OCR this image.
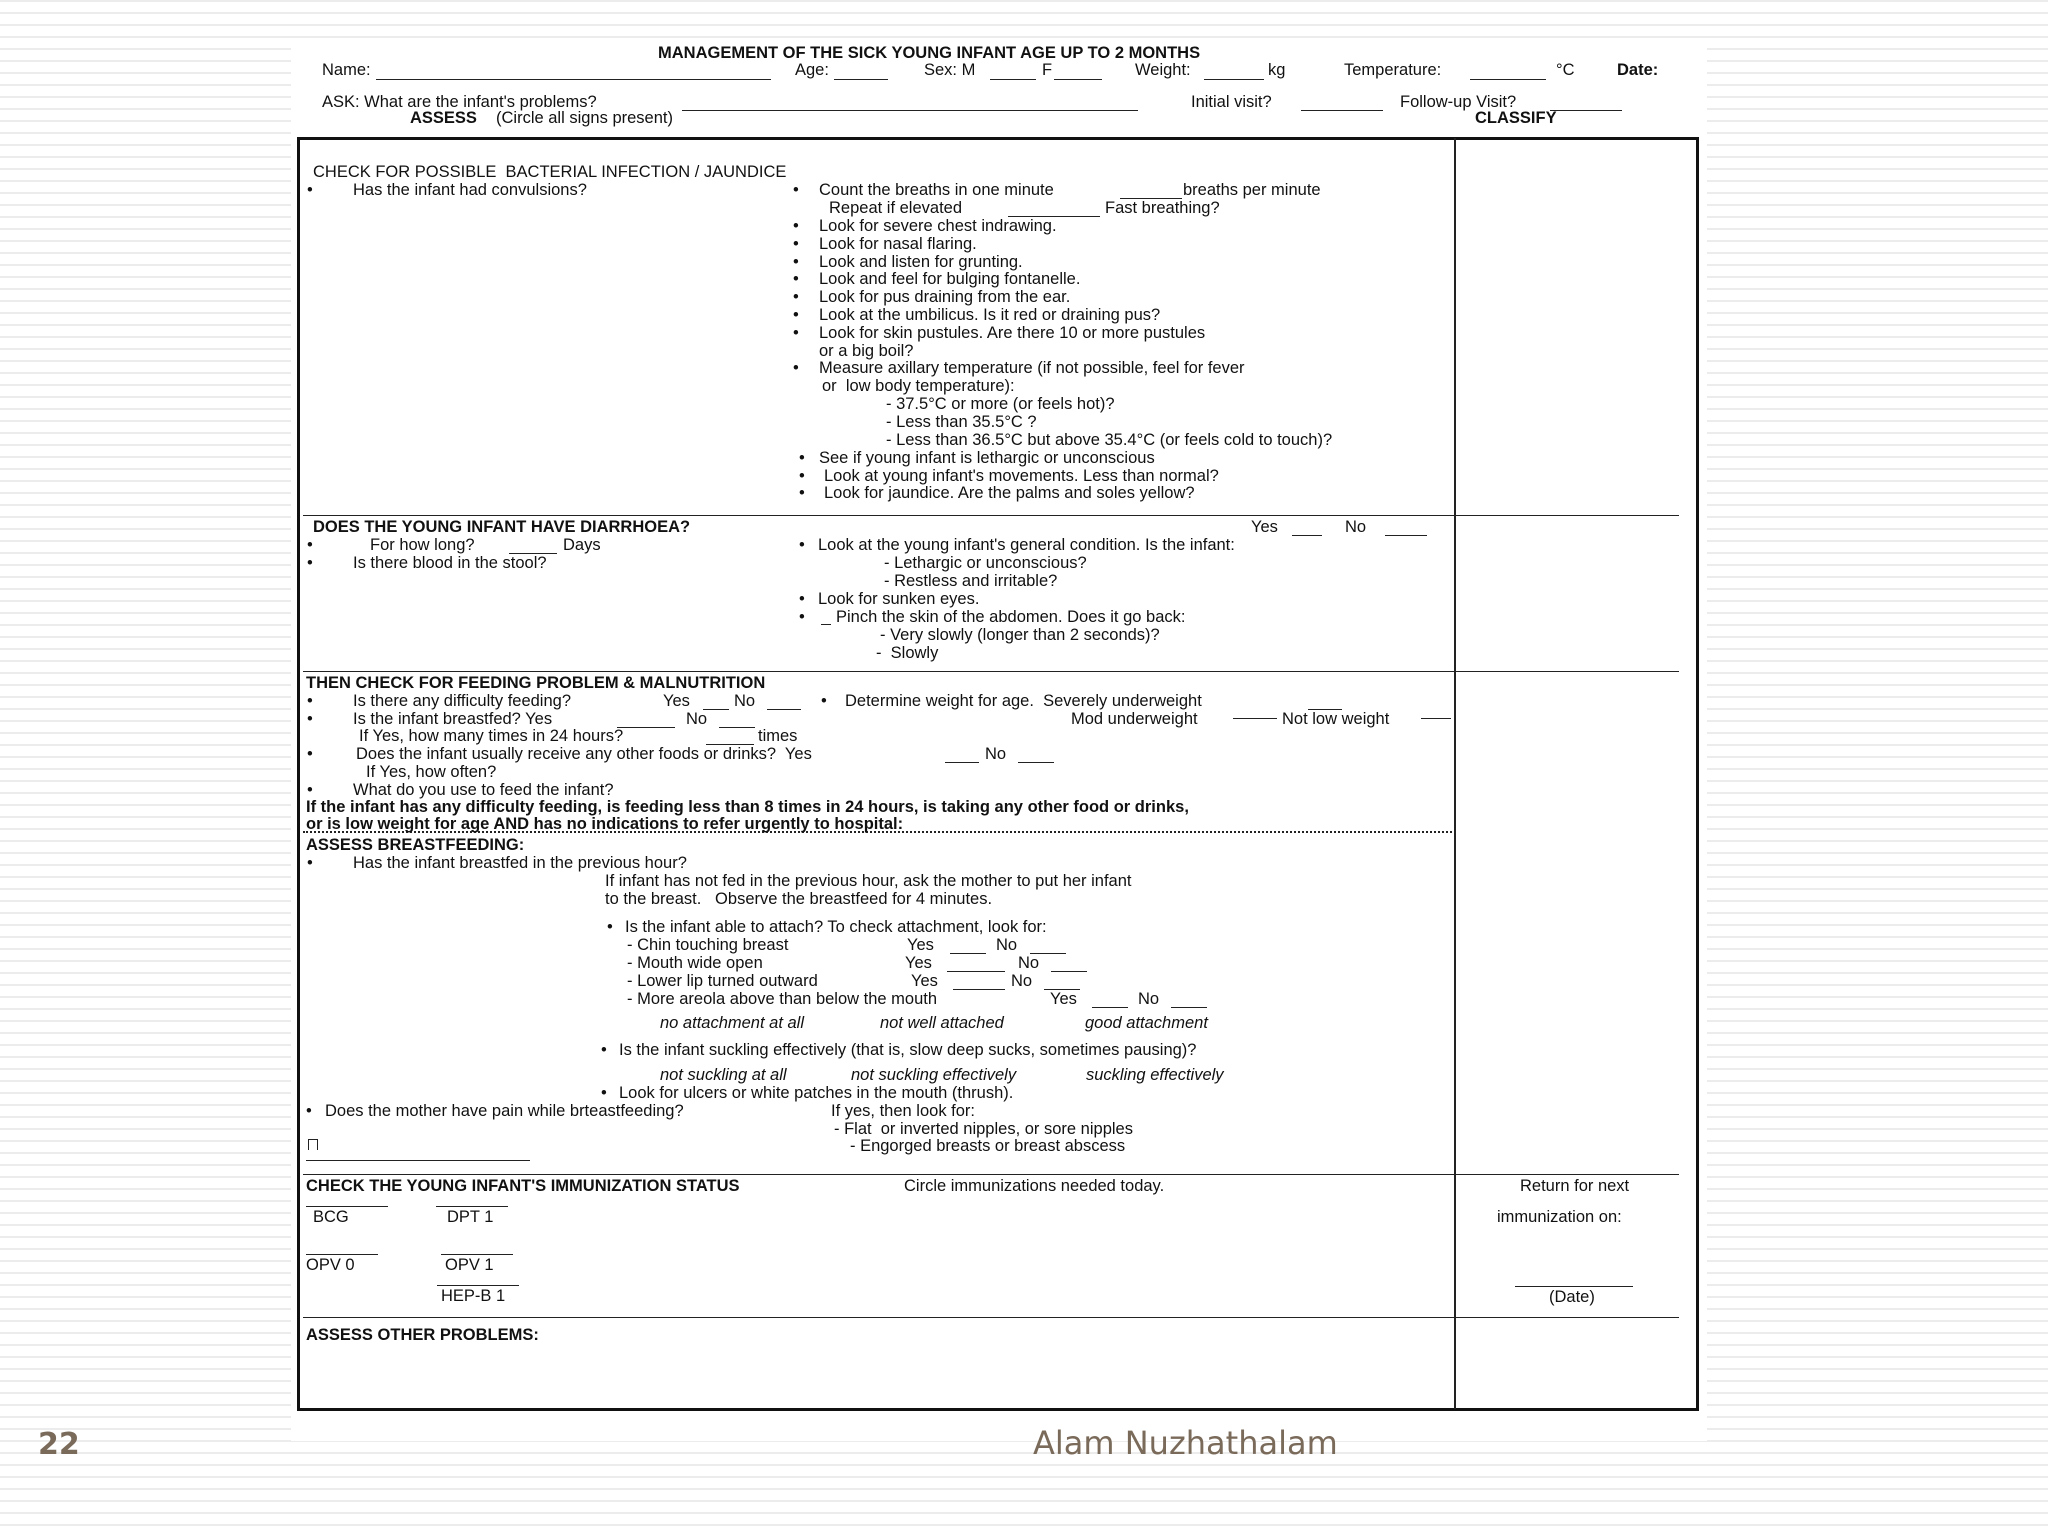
MANAGEMENT OF THE SICK YOUNG INFANT AGE UP TO 2 MONTHS
Name:	Age:	Sex: M	F	Weight:	kg	Temperature:	°C	Date:
ASK: What are the infant's problems?	Initial visit?	Follow-up Visit?
ASSESS (Circle all signs present)	CLASSIFY
CHECK FOR POSSIBLE  BACTERIAL INFECTION / JAUNDICE
• Has the infant had convulsions?	• Count the breaths in one minute	breaths per minute
Repeat if elevated	Fast breathing?
• Look for severe chest indrawing.
• Look for nasal flaring.
• Look and listen for grunting.
• Look and feel for bulging fontanelle.
• Look for pus draining from the ear.
• Look at the umbilicus. Is it red or draining pus?
• Look for skin pustules. Are there 10 or more pustules
or a big boil?
• Measure axillary temperature (if not possible, feel for fever
or  low body temperature):
- 37.5°C or more (or feels hot)?
- Less than 35.5°C ?
- Less than 36.5°C but above 35.4°C (or feels cold to touch)?
• See if young infant is lethargic or unconscious
• Look at young infant's movements. Less than normal?
• Look for jaundice. Are the palms and soles yellow?
DOES THE YOUNG INFANT HAVE DIARRHOEA?	Yes	No
•	For how long?	Days
• Is there blood in the stool?
• Look at the young infant's general condition. Is the infant:
- Lethargic or unconscious?
- Restless and irritable?
• Look for sunken eyes.
• Pinch the skin of the abdomen. Does it go back:
- Very slowly (longer than 2 seconds)?
-  Slowly
THEN CHECK FOR FEEDING PROBLEM & MALNUTRITION
• Is there any difficulty feeding?	Yes	No	• Determine weight for age.  Severely underweight
• Is the infant breastfed? Yes	No	Mod underweight	Not low weight
If Yes, how many times in 24 hours?	times
•	Does the infant usually receive any other foods or drinks?  Yes	No
If Yes, how often?
• What do you use to feed the infant?
If the infant has any difficulty feeding, is feeding less than 8 times in 24 hours, is taking any other food or drinks,
or is low weight for age AND has no indications to refer urgently to hospital:
ASSESS BREASTFEEDING:
• Has the infant breastfed in the previous hour?
If infant has not fed in the previous hour, ask the mother to put her infant
to the breast.   Observe the breastfeed for 4 minutes.
• Is the infant able to attach? To check attachment, look for:
- Chin touching breast	Yes	No
- Mouth wide open	Yes	No
- Lower lip turned outward	Yes	No
- More areola above than below the mouth	Yes	No
no attachment at all	not well attached	good attachment
• Is the infant suckling effectively (that is, slow deep sucks, sometimes pausing)?
not suckling at all	not suckling effectively	suckling effectively
• Look for ulcers or white patches in the mouth (thrush).
• Does the mother have pain while brteastfeeding?	If yes, then look for:
- Flat  or inverted nipples, or sore nipples
- Engorged breasts or breast abscess
CHECK THE YOUNG INFANT'S IMMUNIZATION STATUS	Circle immunizations needed today.	Return for next
immunization on:
BCG	DPT 1
OPV 0	OPV 1
HEP-B 1	(Date)
ASSESS OTHER PROBLEMS:
22	Alam Nuzhathalam
